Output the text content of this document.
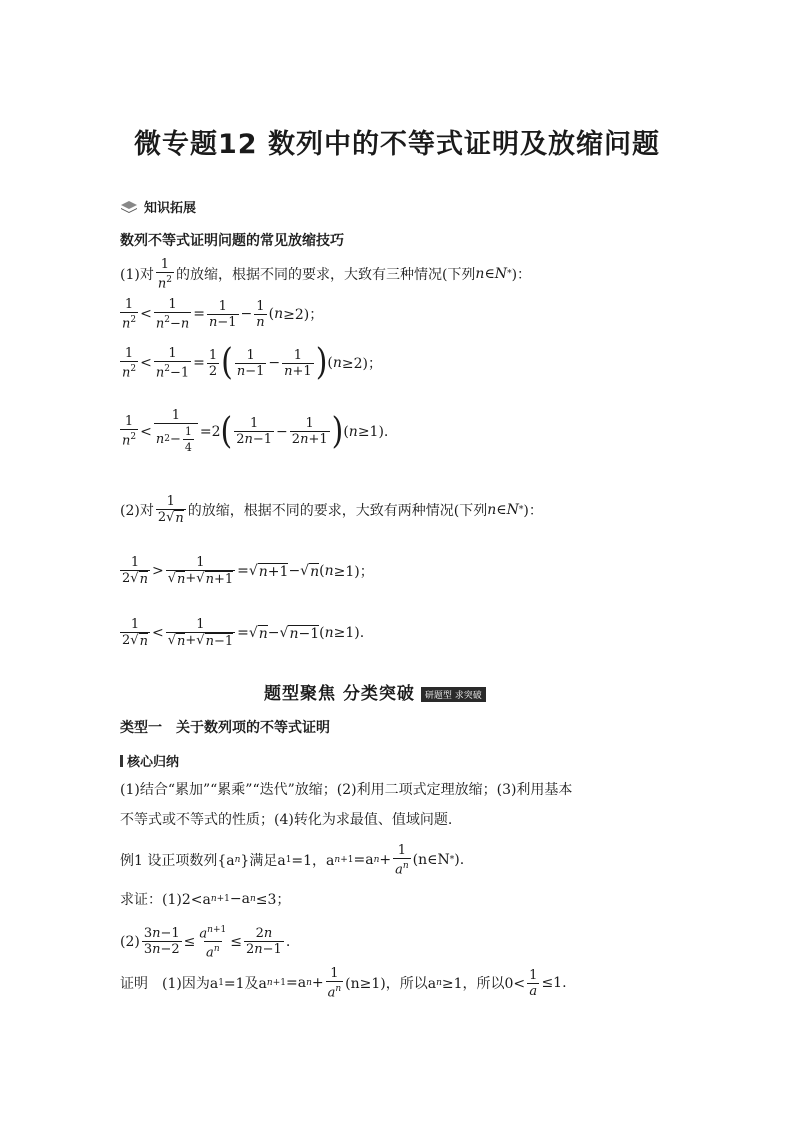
微专题12 数列中的不等式证明及放缩问题
知识拓展
数列不等式证明问题的常见放缩技巧
(1)对 $\frac{1}{n^2}$ 的放缩，根据不同的要求，大致有三种情况(下列 n∈N * )：
$\frac{1}{n^2} < \frac{1}{n^2-n} = \frac{1}{n-1} - \frac{1}{n}$ ( n ≥2)；
$\frac{1}{n^2} < \frac{1}{n^2-1} = \frac{1}{2}$ ( $\frac{1}{n-1} - \frac{1}{n+1}$ ) ( n ≥2)；
$\frac{1}{n^2} < \frac{1}{n 2 - \frac{1}{4}} =2$ ( $\frac{1}{2n-1} - \frac{1}{2n+1}$ ) ( n ≥1).
(2)对 $\frac{1}{2√ n}$ 的放缩，根据不同的要求，大致有两种情况(下列 n∈N * )：
$\frac{1}{2√ n} > \frac{1}{√ n +√ n+1}$ = √ n+1 − √ n ( n ≥1)；
$\frac{1}{2√ n} < \frac{1}{√ n +√ n-1}$ = √ n − √ n−1 ( n ≥1).
题型聚焦 分类突破 研题型 求突破
类型一　关于数列项的不等式证明
核心归纳
(1)结合“累加”“累乘”“迭代”放缩；(2)利用二项式定理放缩；(3)利用基本
不等式或不等式的性质；(4)转化为求最值、值域问题.
例1 设正项数列{a n }满足a 1 =1，a n+1 =a $n + \frac{1}{a^n}$ (n∈N * ).
求证：(1)2<a n+1 −a n ≤3；
$(2) \frac{3n-1}{3n-2} \le \frac{a^{n+1}}{a^n} \le \frac{2n}{2n-1}$ .
证明　(1)因为a 1 =1及a n+1 =a $n + \frac{1}{a^n} (n\ge 1)$，所以a n ≥1，所以$0< \frac{1}{a} \le 1$.
